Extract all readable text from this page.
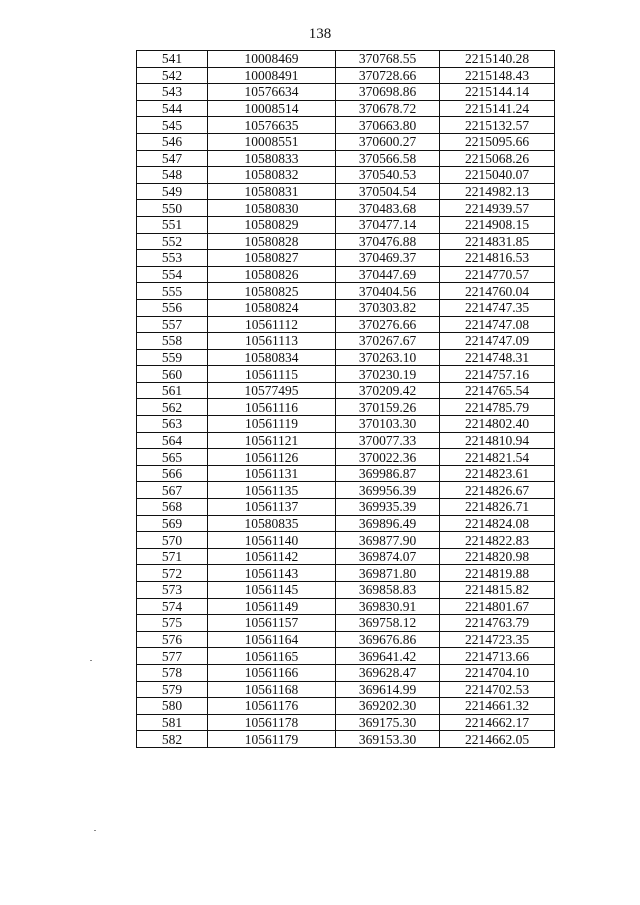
138
541	10008469	370768.55	2215140.28
542	10008491	370728.66	2215148.43
543	10576634	370698.86	2215144.14
544	10008514	370678.72	2215141.24
545	10576635	370663.80	2215132.57
546	10008551	370600.27	2215095.66
547	10580833	370566.58	2215068.26
548	10580832	370540.53	2215040.07
549	10580831	370504.54	2214982.13
550	10580830	370483.68	2214939.57
551	10580829	370477.14	2214908.15
552	10580828	370476.88	2214831.85
553	10580827	370469.37	2214816.53
554	10580826	370447.69	2214770.57
555	10580825	370404.56	2214760.04
556	10580824	370303.82	2214747.35
557	10561112	370276.66	2214747.08
558	10561113	370267.67	2214747.09
559	10580834	370263.10	2214748.31
560	10561115	370230.19	2214757.16
561	10577495	370209.42	2214765.54
562	10561116	370159.26	2214785.79
563	10561119	370103.30	2214802.40
564	10561121	370077.33	2214810.94
565	10561126	370022.36	2214821.54
566	10561131	369986.87	2214823.61
567	10561135	369956.39	2214826.67
568	10561137	369935.39	2214826.71
569	10580835	369896.49	2214824.08
570	10561140	369877.90	2214822.83
571	10561142	369874.07	2214820.98
572	10561143	369871.80	2214819.88
573	10561145	369858.83	2214815.82
574	10561149	369830.91	2214801.67
575	10561157	369758.12	2214763.79
576	10561164	369676.86	2214723.35
577	10561165	369641.42	2214713.66
578	10561166	369628.47	2214704.10
579	10561168	369614.99	2214702.53
580	10561176	369202.30	2214661.32
581	10561178	369175.30	2214662.17
582	10561179	369153.30	2214662.05
